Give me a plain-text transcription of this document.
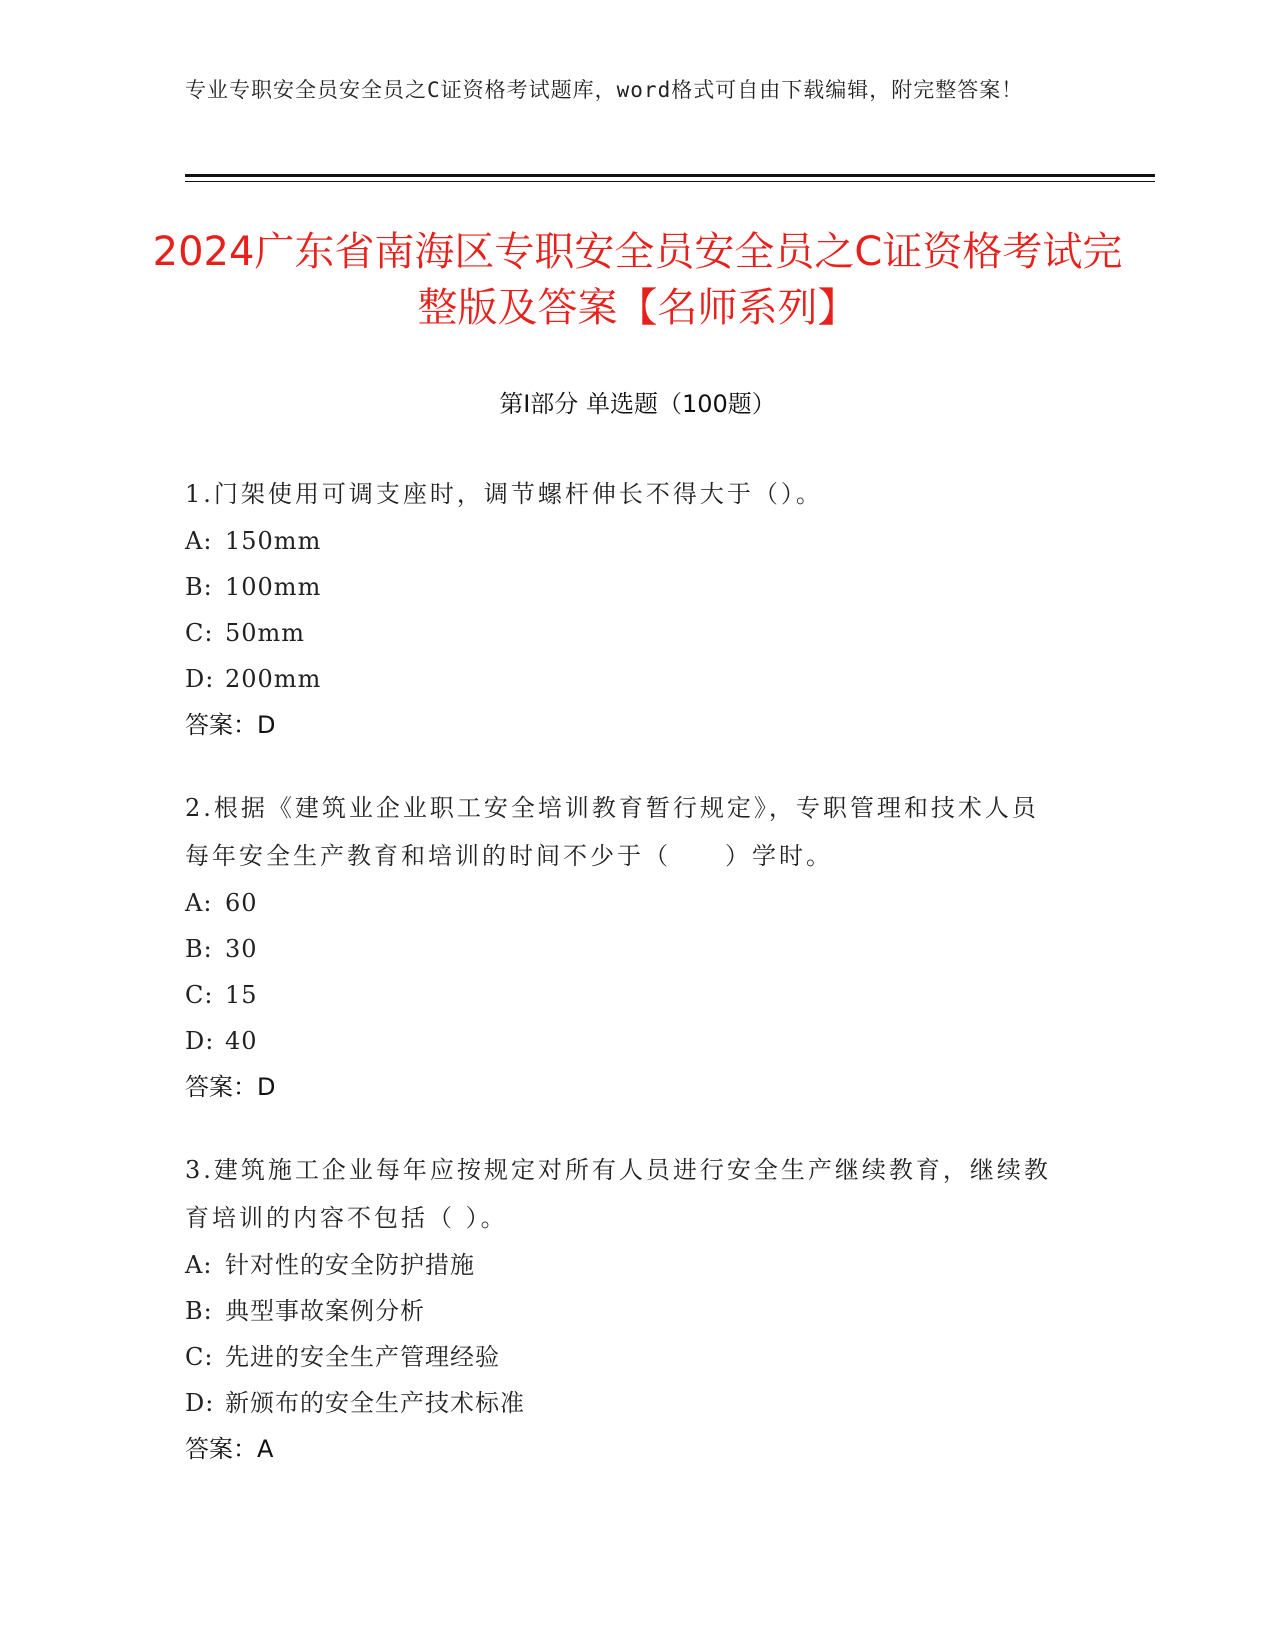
专业专职安全员安全员之C证资格考试题库，word格式可自由下载编辑，附完整答案！
2024广东省南海区专职安全员安全员之C证资格考试完整版及答案【名师系列】
第Ⅰ部分 单选题（100题）
1.门架使用可调支座时，调节螺杆伸长不得大于（）。
A: 150mm
B: 100mm
C: 50mm
D: 200mm
答案：D
2.根据《建筑业企业职工安全培训教育暂行规定》，专职管理和技术人员每年安全生产教育和培训的时间不少于（　　）学时。
A: 60
B: 30
C: 15
D: 40
答案：D
3.建筑施工企业每年应按规定对所有人员进行安全生产继续教育，继续教育培训的内容不包括（ ）。
A: 针对性的安全防护措施
B: 典型事故案例分析
C: 先进的安全生产管理经验
D: 新颁布的安全生产技术标准
答案：A
